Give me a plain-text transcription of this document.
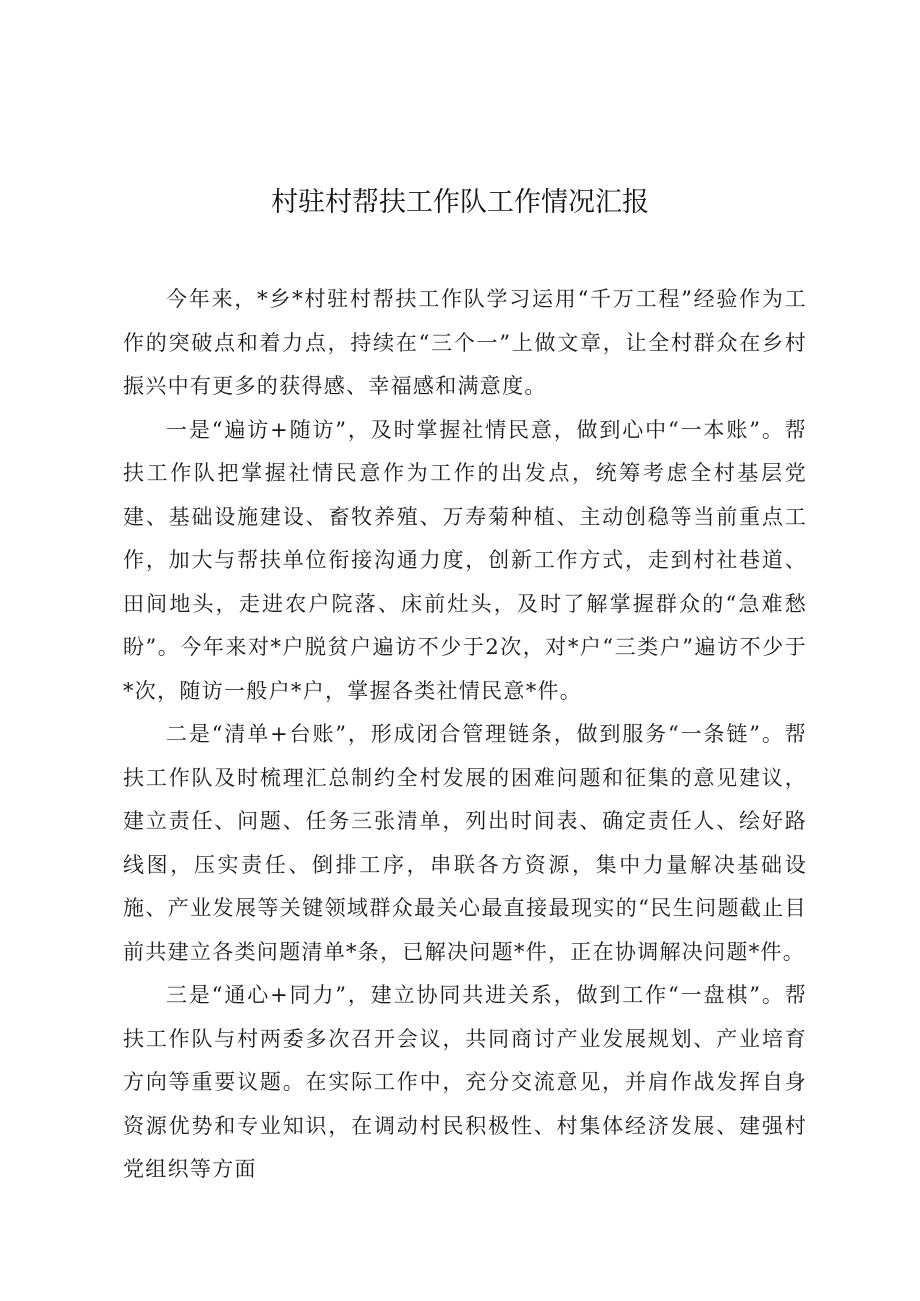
村驻村帮扶工作队工作情况汇报

今年来，*乡*村驻村帮扶工作队学习运用“千万工程”经验作为工作的突破点和着力点，持续在“三个一”上做文章，让全村群众在乡村振兴中有更多的获得感、幸福感和满意度。

一是“遍访+随访”，及时掌握社情民意，做到心中“一本账”。帮扶工作队把掌握社情民意作为工作的出发点，统筹考虑全村基层党建、基础设施建设、畜牧养殖、万寿菊种植、主动创稳等当前重点工作，加大与帮扶单位衔接沟通力度，创新工作方式，走到村社巷道、田间地头，走进农户院落、床前灶头，及时了解掌握群众的“急难愁盼”。今年来对*户脱贫户遍访不少于2次，对*户“三类户”遍访不少于*次，随访一般户*户，掌握各类社情民意*件。

二是“清单+台账”，形成闭合管理链条，做到服务“一条链”。帮扶工作队及时梳理汇总制约全村发展的困难问题和征集的意见建议，建立责任、问题、任务三张清单，列出时间表、确定责任人、绘好路线图，压实责任、倒排工序，串联各方资源，集中力量解决基础设施、产业发展等关键领域群众最关心最直接最现实的“民生问题截止目前共建立各类问题清单*条，已解决问题*件，正在协调解决问题*件。

三是“通心+同力”，建立协同共进关系，做到工作“一盘棋”。帮扶工作队与村两委多次召开会议，共同商讨产业发展规划、产业培育方向等重要议题。在实际工作中，充分交流意见，并肩作战发挥自身资源优势和专业知识，在调动村民积极性、村集体经济发展、建强村党组织等方面
